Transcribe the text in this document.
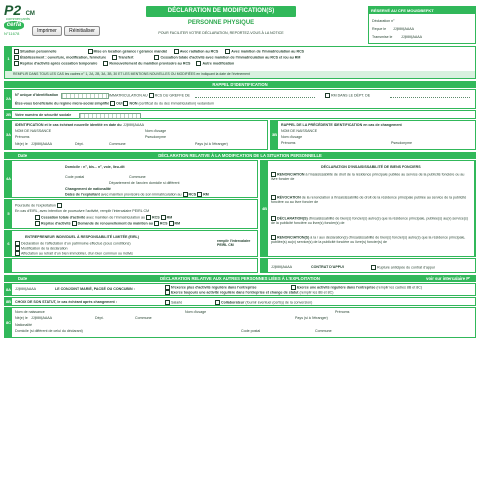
P2 CM
commerçants
cerfa
N°11678	Imprimer	Réinitialiser
DÉCLARATION DE MODIFICATION(S)
PERSONNE PHYSIQUE
POUR FACILITER VOTRE DÉCLARATION, REPORTEZ-VOUS À LA NOTICE
RÉSERVÉ AU CFE MOUIDBEFKT
Déclaration n°
Reçue le JJ|MM|AAAA
Transmise le JJ|MM|AAAA
1
Situation personnelle	Mise en location gérance / gérance mandat	Avec radiation au RCS	Avec maintien de l'immatriculation au RCS
Établissement : ouverture, modification, fermeture	Transfert	Cessation totale d'activité avec maintien de l'immatriculation au RCS et /ou au RM
Reprise d'activité après cessation temporaire	Renouvellement du maintien provisoire au RCS	Autre modification
REMPLIR DANS TOUS LES CAS les cadres n° 1, 2A, 2B, 3A, 3B, 30 ET LES MENTIONS NOUVELLES OU MODIFIÉES en indiquant la date de l'événement
RAPPEL D'IDENTIFICATION
2A
N° unique d'identification	IMMATRICULATION AU RCS DU GREFFE DE	RM DANS LE DÉPT. DE
Êtes-vous bénéficiaire du régime micro-social simplifié OUI NON (certificat du du des immatriculation) vedandum
2B Votre numéro de sécurité sociale
3A
IDENTIFICATION et le cas échéant nouvelle identité en date du JJ|MM|AAAA
NOM DE NAISSANCE	Nom d'usage
Prénoms	Pseudonyme
Né(e) le JJ|MM|AAAA	Dépt.	Commune	Pays (si à l'étranger)
3B
RAPPEL DE LA PRÉCÉDENTE IDENTIFICATION en cas de changement
NOM DE NAISSANCE
Nom d'usage
Prénoms	Pseudonyme
Date	DÉCLARATION RELATIVE À LA MODIFICATION DE LA SITUATION PERSONNELLE
4A
Domicile : n°, bis... n°, voie, lieu-dit
Code postal	Commune
Département de l'ancien domicile si différent
Changement de nationalité
Dates de l'exploitant avec maintien provisoire de son immatriculation au RCS RM
5
Poursuite de l'exploitation
En cas d'EIRL, avec intention de poursuivre l'activité, remplir l'intercalaire PEIRL CM
Cessation totale d'activité avec maintien de l'immatriculation au RCS RM
Reprise d'activité Demande de renouvellement du maintien au RCS RM
6
ENTREPRENEUR INDIVIDUEL À RESPONSABILITÉ LIMITÉE (EIRL)
Déclaration de l'affectation d'un patrimoine effectué (sous conditions)
Modification de la déclaration
Affectation au retrait d'un bien immobilier, d'un bien commun ou indivis
remplir l'intercalaire PEIRL CM
4B
DÉCLARATION D'INSAISISSABILITÉ DE BIENS FONCIERS
RENONCIATION à l'insaisissabilité de droit de la résidence principale publiée au service de la publicité foncière ou au livre foncier de
RÉVOCATION de la renonciation à l'insaisissabilité de droit de la résidence principale publiée au service de la publicité foncière ou au livre foncier de
DÉCLARATION(S) d'insaisissabilité de bien(s) foncier(s) autre(s) que la résidence principale, publiée(s) au(x) service(s) de la publicité foncière ou livre(s) foncier(s) de
RENONCIATION(S) à la / aux déclaration(s) d'insaisissabilité de bien(s) foncier(s) autre(s) que la résidence principale, publiée(s) au(x) service(s) de la publicité foncière ou livre(s) foncier(s) de
JJ|MM|AAAA	CONTRAT D'APPUI	Rupture anticipée du contrat d'appui
Date	DÉCLARATION RELATIVE AUX AUTRES PERSONNES LIÉES À L'EXPLOITATION	voir sur intercalaire P'
8A JJ|MM|AAAA	LE CONJOINT MARIÉ, PACSÉ OU CONCUBIN :	N'exerce plus d'activité régulière dans l'entreprise	Exerce une activité régulière dans l'entreprise (remplir les cadres 8B et 8C)
Exerce toujours une activité régulière dans l'entreprise et change de statut (remplir les 8B et 8C)
8B CHOIX DE SON STATUT, le cas échéant après changement :	Salarié	Collaborateur (fournir éventuel (cerfa)) de la conversion)
8C
Nom de naissance	Nom d'usage	Prénoms
Né(e) le JJ|MM|AAAA	Dépt.	Commune	Pays (si à l'étranger)
Nationalité
Domicile (si différent de celui du déclarant)	Code postal	Commune
